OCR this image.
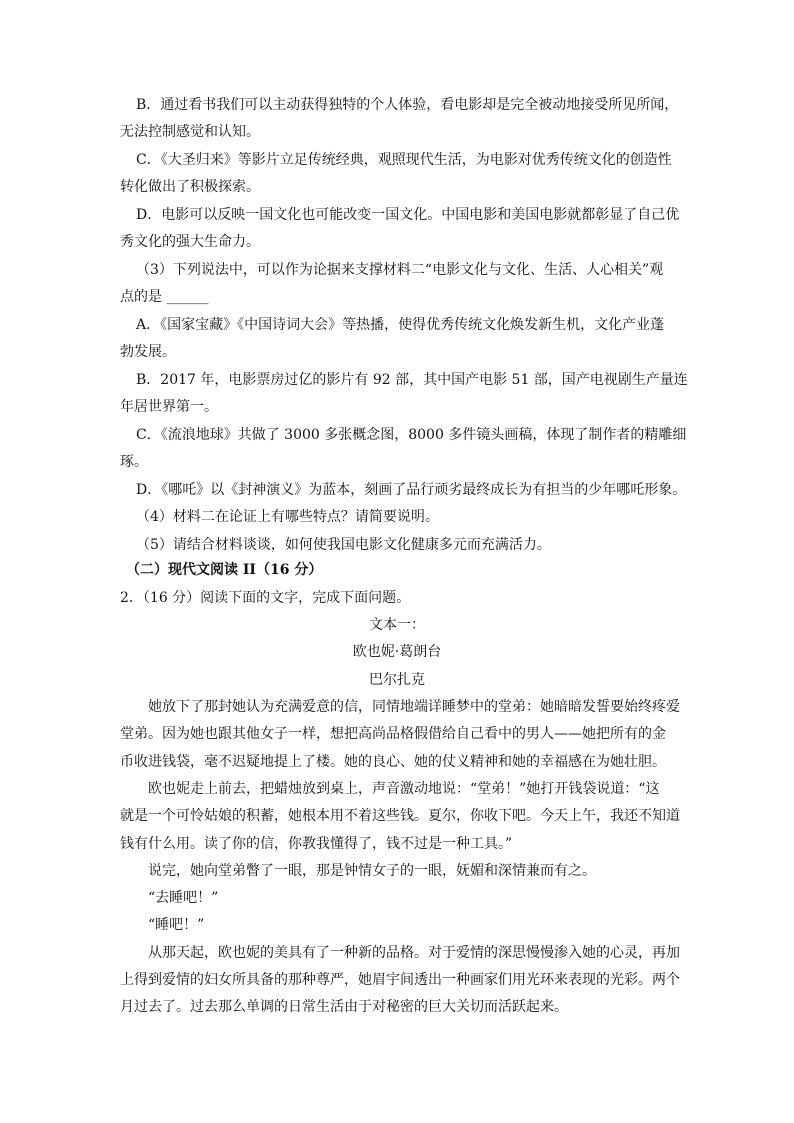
B．通过看书我们可以主动获得独特的个人体验，看电影却是完全被动地接受所见所闻，
无法控制感觉和认知。
C．《大圣归来》等影片立足传统经典，观照现代生活，为电影对优秀传统文化的创造性
转化做出了积极探索。
D．电影可以反映一国文化也可能改变一国文化。中国电影和美国电影就都彰显了自己优
秀文化的强大生命力。
（3）下列说法中，可以作为论据来支撑材料二“电影文化与文化、生活、人心相关”观
点的是 ______
A．《国家宝藏》《中国诗词大会》等热播，使得优秀传统文化焕发新生机，文化产业蓬
勃发展。
B．2017 年，电影票房过亿的影片有 92 部，其中国产电影 51 部，国产电视剧生产量连
年居世界第一。
C．《流浪地球》共做了 3000 多张概念图，8000 多件镜头画稿，体现了制作者的精雕细
琢。
D．《哪吒》以《封神演义》为蓝本，刻画了品行顽劣最终成长为有担当的少年哪吒形象。
（4）材料二在论证上有哪些特点？请简要说明。
（5）请结合材料谈谈，如何使我国电影文化健康多元而充满活力。
（二）现代文阅读 II（16 分）
2．（16 分）阅读下面的文字，完成下面问题。
文本一：
欧也妮·葛朗台
巴尔扎克
她放下了那封她认为充满爱意的信，同情地端详睡梦中的堂弟：她暗暗发誓要始终疼爱
堂弟。因为她也跟其他女子一样，想把高尚品格假借给自己看中的男人——她把所有的金
币收进钱袋，毫不迟疑地提上了楼。她的良心、她的仗义精神和她的幸福感在为她壮胆。
欧也妮走上前去，把蜡烛放到桌上，声音激动地说：“堂弟！”她打开钱袋说道：“这
就是一个可怜姑娘的积蓄，她根本用不着这些钱。夏尔，你收下吧。今天上午，我还不知道
钱有什么用。读了你的信，你教我懂得了，钱不过是一种工具。”
说完，她向堂弟瞥了一眼，那是钟情女子的一眼，妩媚和深情兼而有之。
“去睡吧！”
“睡吧！”
从那天起，欧也妮的美具有了一种新的品格。对于爱情的深思慢慢渗入她的心灵，再加
上得到爱情的妇女所具备的那种尊严，她眉宇间透出一种画家们用光环来表现的光彩。两个
月过去了。过去那么单调的日常生活由于对秘密的巨大关切而活跃起来。
